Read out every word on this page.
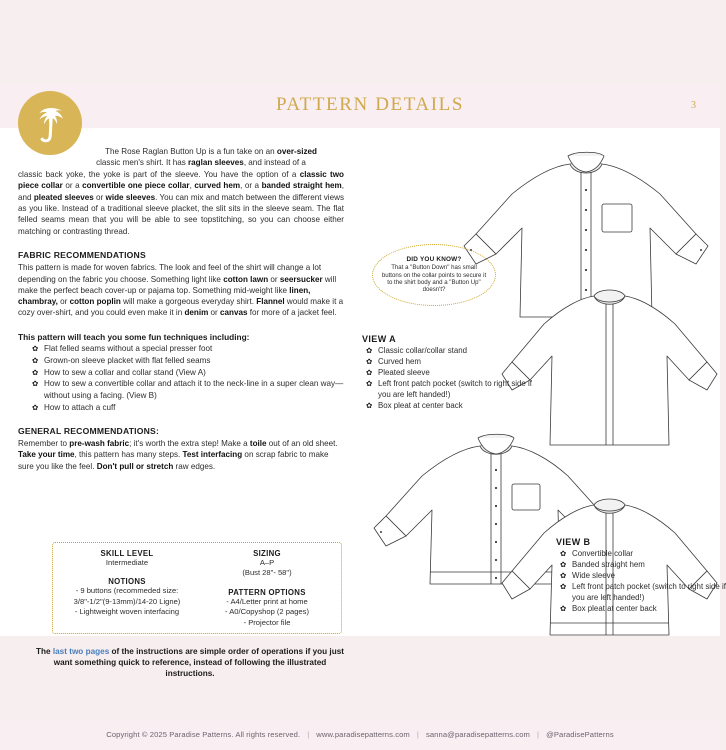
PATTERN DETAILS	3
The Rose Raglan Button Up is a fun take on an over-sized
classic men's shirt. It has raglan sleeves, and instead of a
classic back yoke, the yoke is part of the sleeve. You have the option of a classic two piece collar or a convertible one piece collar, curved hem, or a banded straight hem, and pleated sleeves or wide sleeves. You can mix and match between the different views as you like. Instead of a traditional sleeve placket, the slit sits in the sleeve seam. The flat felled seams mean that you will be able to see topstitching, so you can choose either matching or contrasting thread.
FABRIC RECOMMENDATIONS
This pattern is made for woven fabrics. The look and feel of the shirt will change a lot depending on the fabric you choose. Something light like cotton lawn or seersucker will make the perfect beach cover-up or pajama top. Something mid-weight like linen, chambray, or cotton poplin will make a gorgeous everyday shirt. Flannel would make it a cozy over-shirt, and you could even make it in denim or canvas for more of a jacket feel.
This pattern will teach you some fun techniques including:
✿ Flat felled seams without a special presser foot
✿ Grown-on sleeve placket with flat felled seams
✿ How to sew a collar and collar stand (View A)
✿ How to sew a convertible collar and attach it to the neck-line in a super clean way—without using a facing. (View B)
✿ How to attach a cuff
GENERAL RECOMMENDATIONS:
Remember to pre-wash fabric; it's worth the extra step! Make a toile out of an old sheet. Take your time, this pattern has many steps. Test interfacing on scrap fabric to make sure you like the feel. Don't pull or stretch raw edges.
SKILL LEVEL
Intermediate
NOTIONS
- 9 buttons (recommeded size:
3/8"-1/2"(9-13mm)/14-20 Ligne)
- Lightweight woven interfacing
SIZING
A–P
(Bust 28"- 58")
PATTERN OPTIONS
- A4/Letter print at home
- A0/Copyshop (2 pages)
- Projector file
The last two pages of the instructions are simple order of operations if you just want something quick to reference, instead of following the illustrated instructions.
DID YOU KNOW?
That a "Button Down" has small buttons on the collar points to secure it to the shirt body and a "Button Up" doesn't?
VIEW A
✿ Classic collar/collar stand
✿ Curved hem
✿ Pleated sleeve
✿ Left front patch pocket (switch to right side if you are left handed!)
✿ Box pleat at center back
VIEW B
✿ Convertible collar
✿ Banded straight hem
✿ Wide sleeve
✿ Left front patch pocket (switch to right side if you are left handed!)
✿ Box pleat at center back
Copyright © 2025 Paradise Patterns. All rights reserved. | www.paradisepatterns.com | sanna@paradisepatterns.com | @ParadisePatterns
